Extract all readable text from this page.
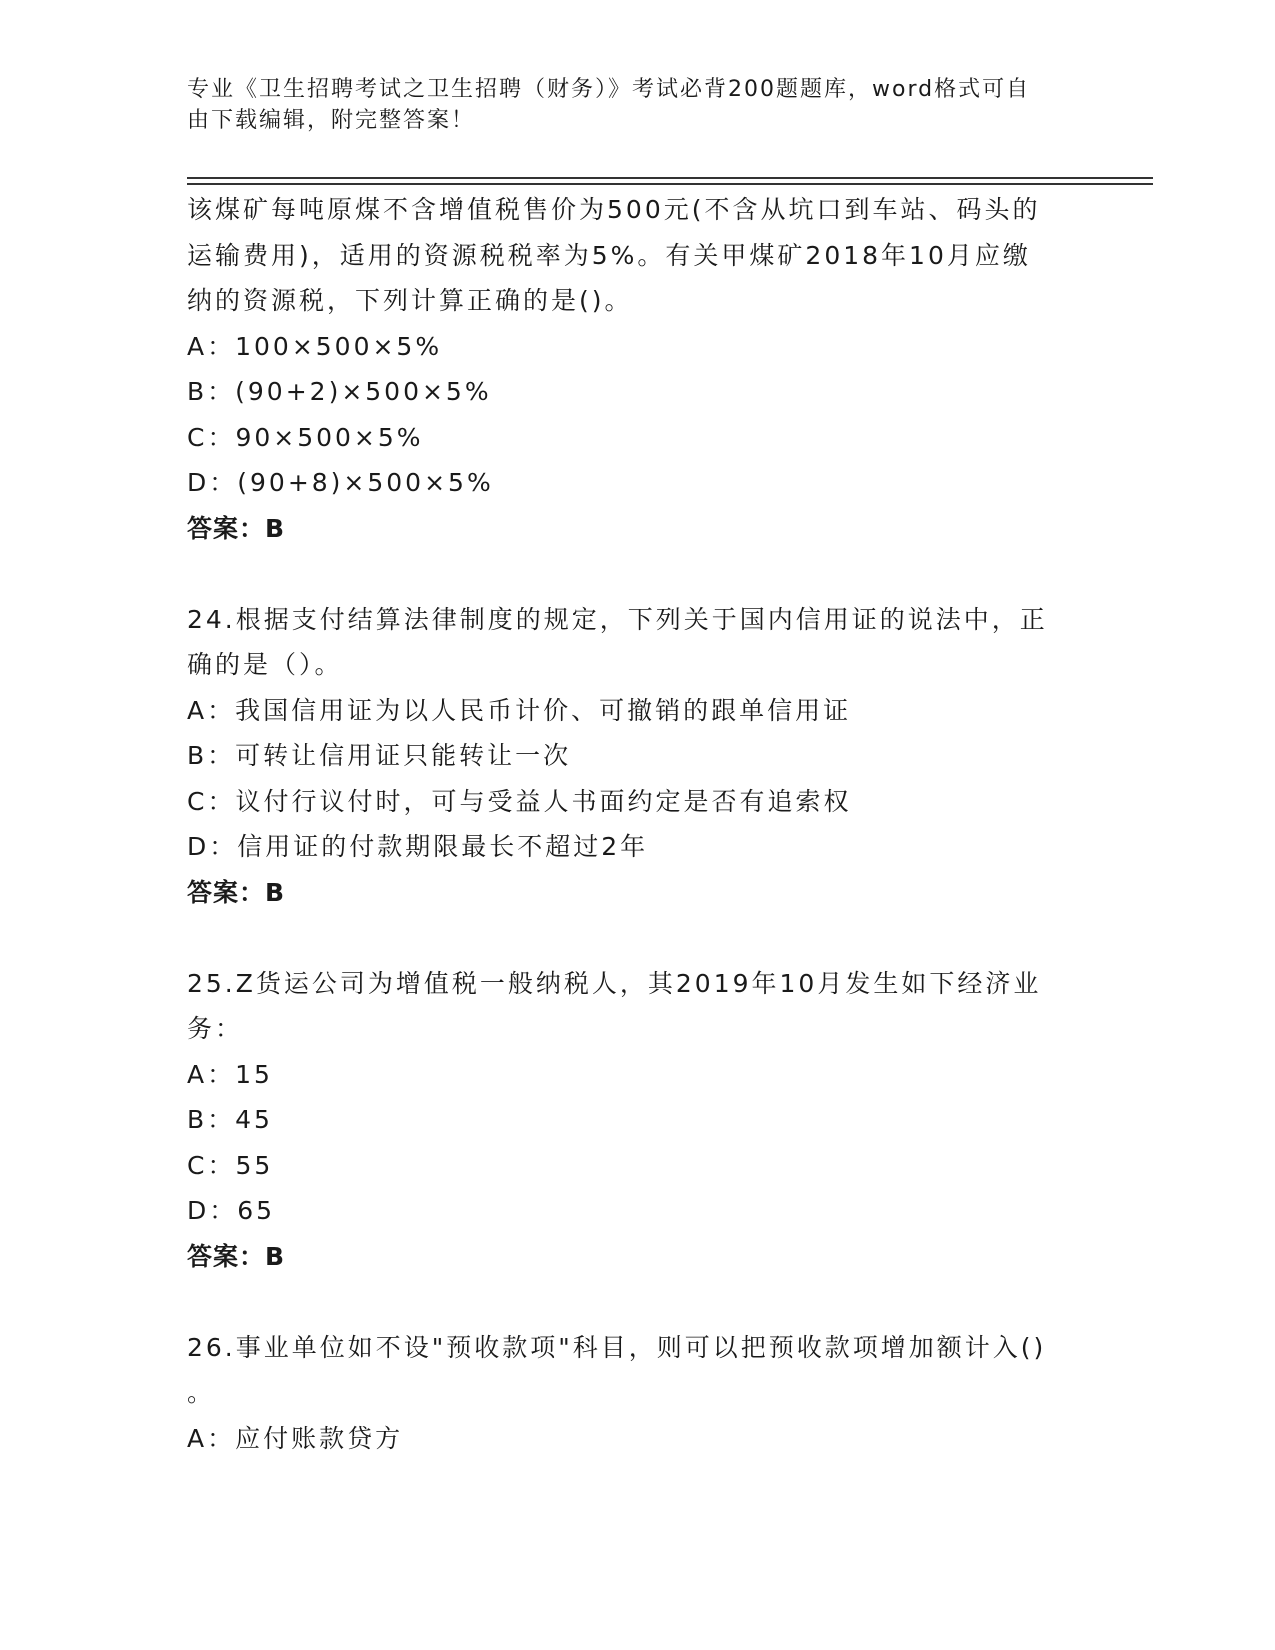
专业《卫生招聘考试之卫生招聘（财务）》考试必背200题题库，word格式可自
由下载编辑，附完整答案！
该煤矿每吨原煤不含增值税售价为500元(不含从坑口到车站、码头的
运输费用)，适用的资源税税率为5%。有关甲煤矿2018年10月应缴
纳的资源税，下列计算正确的是()。
A：100×500×5%
B：(90+2)×500×5%
C：90×500×5%
D：(90+8)×500×5%
答案：B
24.根据支付结算法律制度的规定，下列关于国内信用证的说法中，正
确的是（）。
A：我国信用证为以人民币计价、可撤销的跟单信用证
B：可转让信用证只能转让一次
C：议付行议付时，可与受益人书面约定是否有追索权
D：信用证的付款期限最长不超过2年
答案：B
25.Z货运公司为增值税一般纳税人，其2019年10月发生如下经济业
务：
A：15
B：45
C：55
D：65
答案：B
26.事业单位如不设"预收款项"科目，则可以把预收款项增加额计入()
。
A：应付账款贷方
